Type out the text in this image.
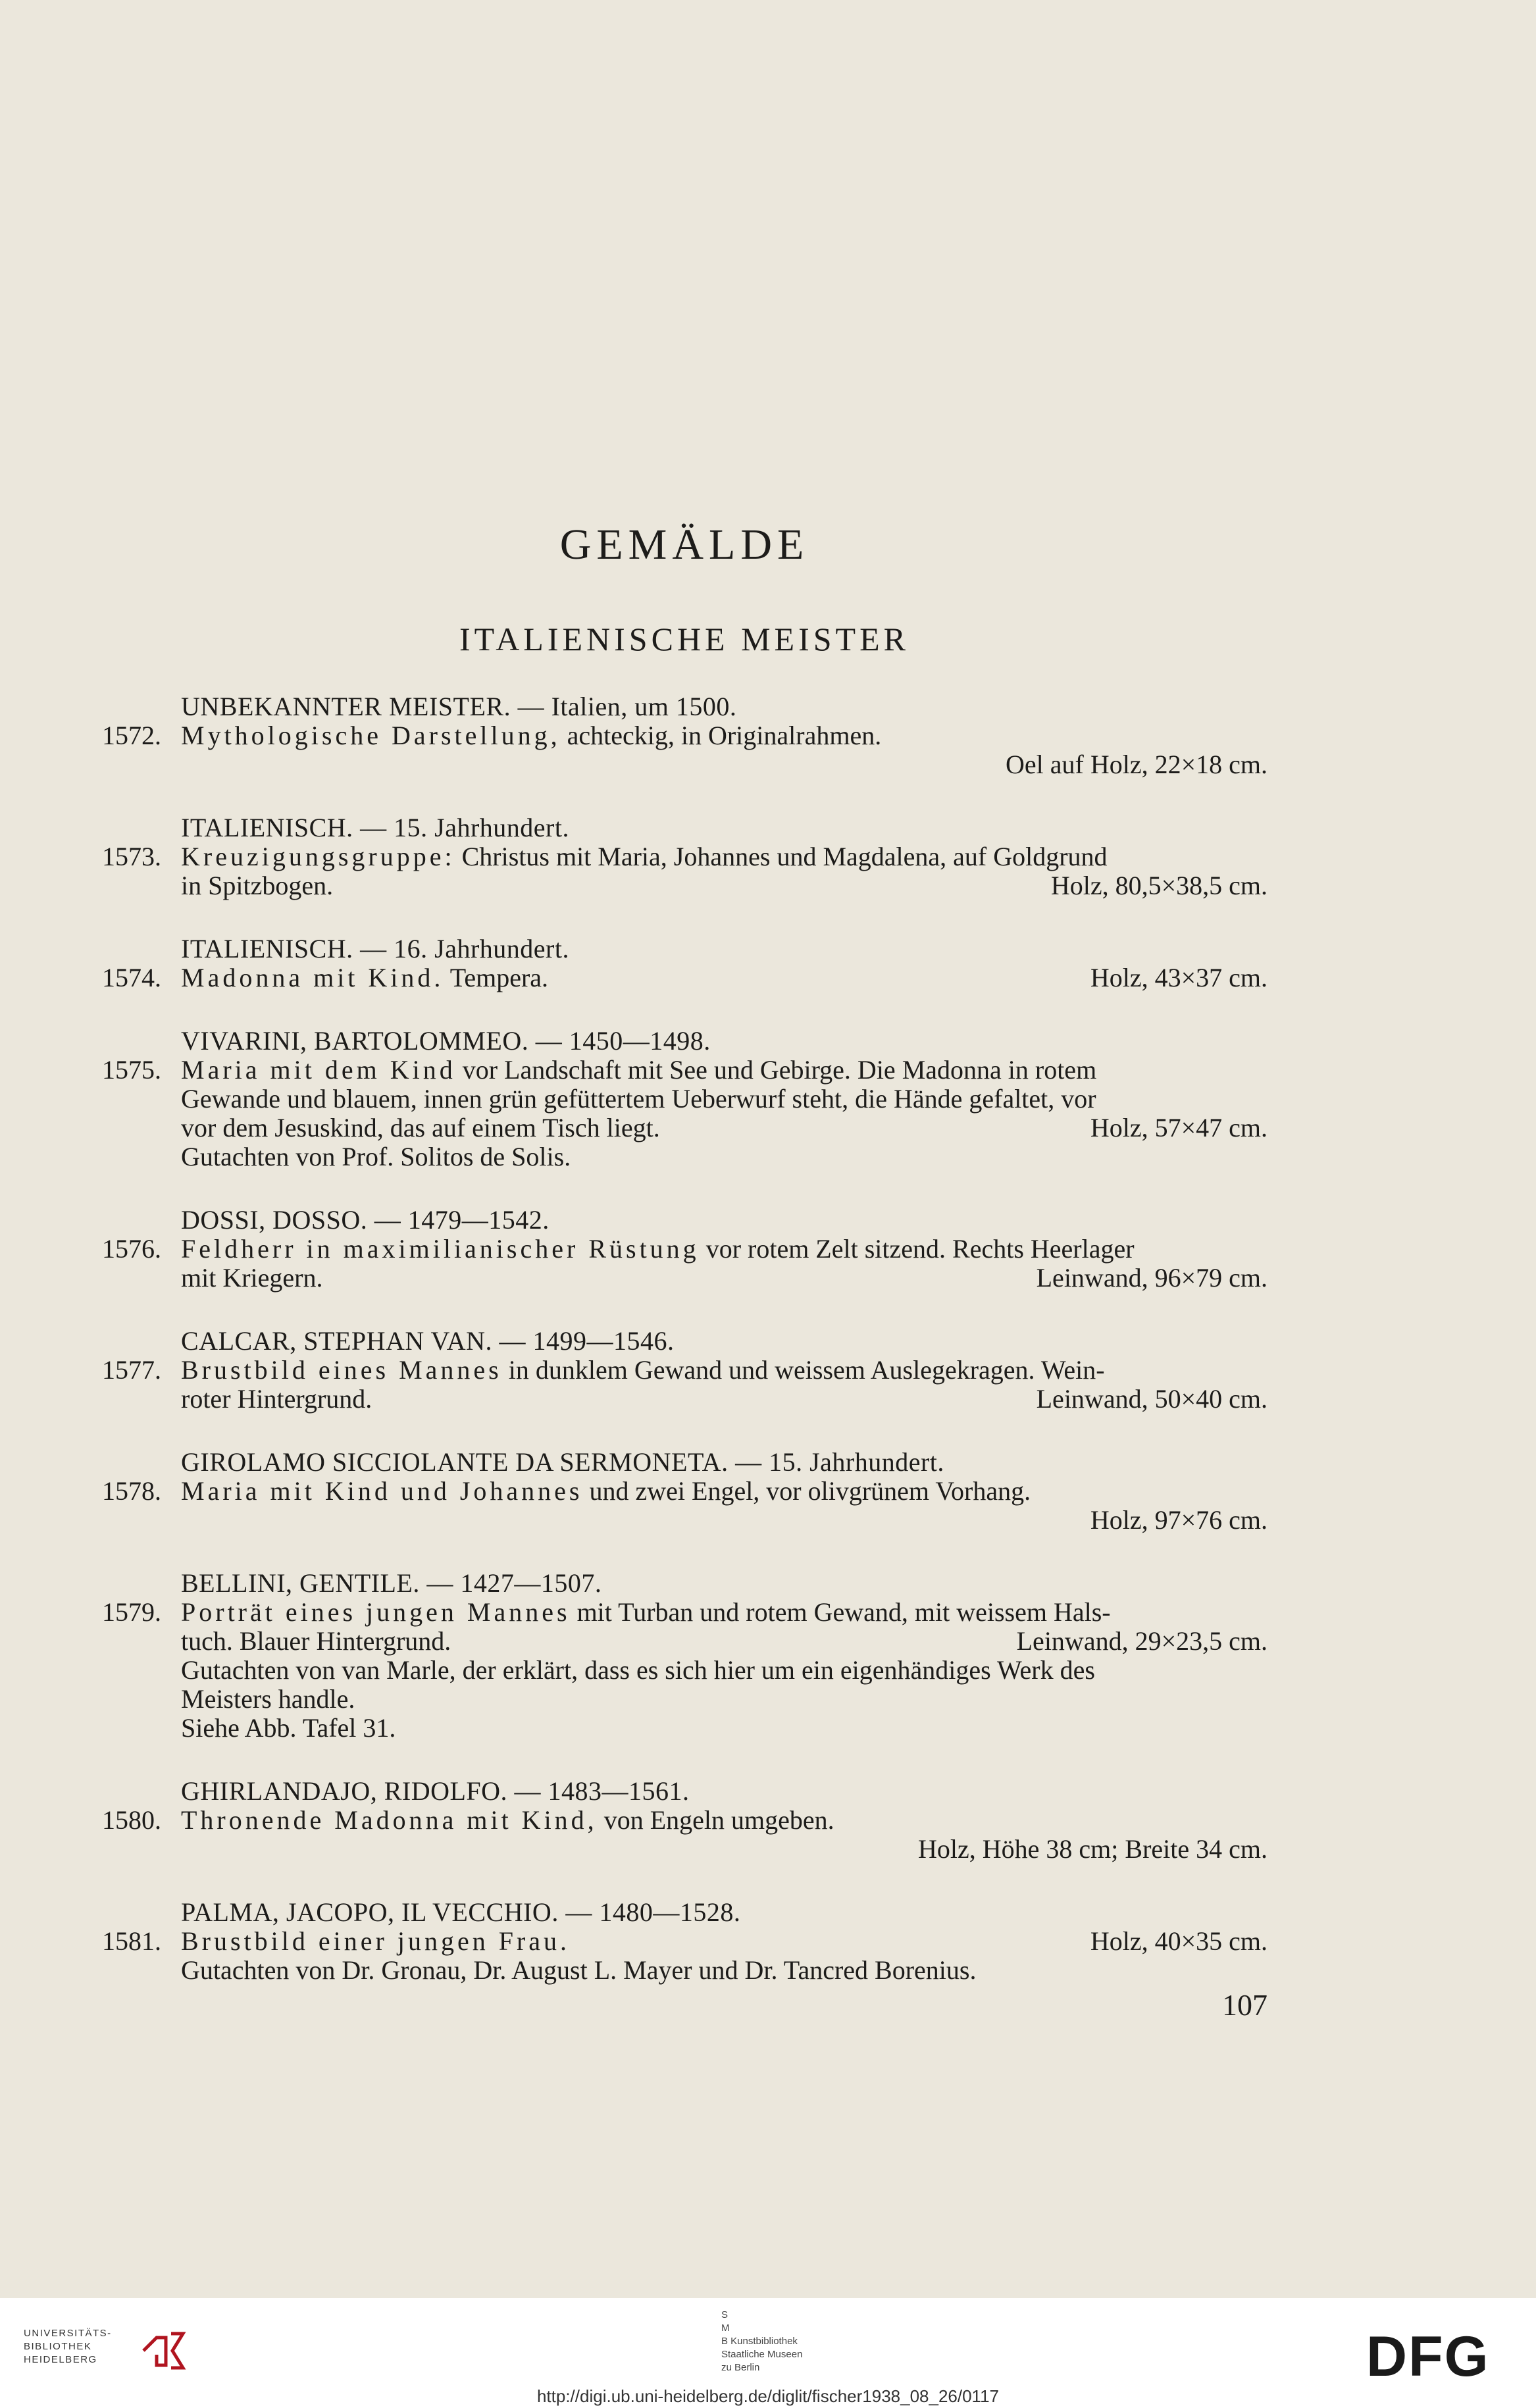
GEMÄLDE
ITALIENISCHE MEISTER
UNBEKANNTER MEISTER. — Italien, um 1500.
1572. Mythologische Darstellung, achteckig, in Originalrahmen.
Oel auf Holz, 22×18 cm.
ITALIENISCH. — 15. Jahrhundert.
1573. Kreuzigungsgruppe: Christus mit Maria, Johannes und Magdalena, auf Goldgrund
in Spitzbogen.	Holz, 80,5×38,5 cm.
ITALIENISCH. — 16. Jahrhundert.
1574. Madonna mit Kind. Tempera.	Holz, 43×37 cm.
VIVARINI, BARTOLOMMEO. — 1450—1498.
1575. Maria mit dem Kind vor Landschaft mit See und Gebirge. Die Madonna in rotem
Gewande und blauem, innen grün gefüttertem Ueberwurf steht, die Hände gefaltet, vor
vor dem Jesuskind, das auf einem Tisch liegt.	Holz, 57×47 cm.
Gutachten von Prof. Solitos de Solis.
DOSSI, DOSSO. — 1479—1542.
1576. Feldherr in maximilianischer Rüstung vor rotem Zelt sitzend. Rechts Heerlager
mit Kriegern.	Leinwand, 96×79 cm.
CALCAR, STEPHAN VAN. — 1499—1546.
1577. Brustbild eines Mannes in dunklem Gewand und weissem Auslegekragen. Wein-
roter Hintergrund.	Leinwand, 50×40 cm.
GIROLAMO SICCIOLANTE DA SERMONETA. — 15. Jahrhundert.
1578. Maria mit Kind und Johannes und zwei Engel, vor olivgrünem Vorhang.
Holz, 97×76 cm.
BELLINI, GENTILE. — 1427—1507.
1579. Porträt eines jungen Mannes mit Turban und rotem Gewand, mit weissem Hals-
tuch. Blauer Hintergrund.	Leinwand, 29×23,5 cm.
Gutachten von van Marle, der erklärt, dass es sich hier um ein eigenhändiges Werk des
Meisters handle.
Siehe Abb. Tafel 31.
GHIRLANDAJO, RIDOLFO. — 1483—1561.
1580. Thronende Madonna mit Kind, von Engeln umgeben.
Holz, Höhe 38 cm; Breite 34 cm.
PALMA, JACOPO, IL VECCHIO. — 1480—1528.
1581. Brustbild einer jungen Frau.	Holz, 40×35 cm.
Gutachten von Dr. Gronau, Dr. August L. Mayer und Dr. Tancred Borenius.
107
UNIVERSITÄTS-
BIBLIOTHEK
HEIDELBERG
S M
B Kunstbibliothek
Staatliche Museen
zu Berlin	DFG
http://digi.ub.uni-heidelberg.de/diglit/fischer1938_08_26/0117
